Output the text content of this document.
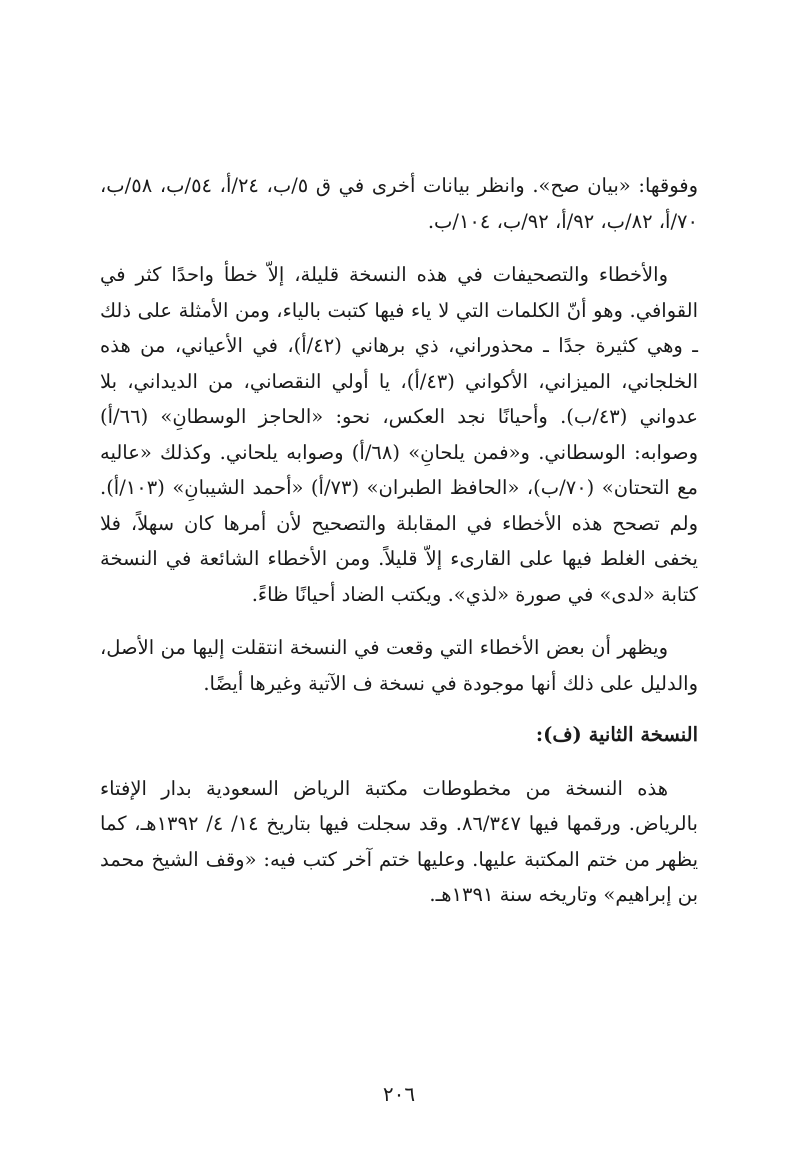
وفوقها: «بيان صح». وانظر بيانات أخرى في ق ٥/ب، ٢٤/أ، ٥٤/ب، ٥٨/ب، ٧٠/أ، ٨٢/ب، ٩٢/أ، ٩٢/ب، ١٠٤/ب.

والأخطاء والتصحيفات في هذه النسخة قليلة، إلاّ خطأ واحدًا كثر في القوافي. وهو أنّ الكلمات التي لا ياء فيها كتبت بالياء، ومن الأمثلة على ذلك ـ وهي كثيرة جدًا ـ محذوراني، ذي برهاني (٤٢/أ)، في الأعياني، من هذه الخلجاني، الميزاني، الأكواني (٤٣/أ)، يا أولي النقصاني، من الديداني، بلا عدواني (٤٣/ب). وأحيانًا نجد العكس، نحو: «الحاجز الوسطانِ» (٦٦/أ) وصوابه: الوسطاني. و«فمن يلحانِ» (٦٨/أ) وصوابه يلحاني. وكذلك «عاليه مع التحتان» (٧٠/ب)، «الحافظ الطبران» (٧٣/أ) «أحمد الشيبانِ» (١٠٣/أ). ولم تصحح هذه الأخطاء في المقابلة والتصحيح لأن أمرها كان سهلاً، فلا يخفى الغلط فيها على القارىء إلاّ قليلاً. ومن الأخطاء الشائعة في النسخة كتابة «لدى» في صورة «لذي». ويكتب الضاد أحيانًا ظاءً.

ويظهر أن بعض الأخطاء التي وقعت في النسخة انتقلت إليها من الأصل، والدليل على ذلك أنها موجودة في نسخة ف الآتية وغيرها أيضًا.

النسخة الثانية (ف):

هذه النسخة من مخطوطات مكتبة الرياض السعودية بدار الإفتاء بالرياض. ورقمها فيها ٨٦/٣٤٧. وقد سجلت فيها بتاريخ ١٤/ ٤/ ١٣٩٢هـ، كما يظهر من ختم المكتبة عليها. وعليها ختم آخر كتب فيه: «وقف الشيخ محمد بن إبراهيم» وتاريخه سنة ١٣٩١هـ.

٢٠٦
